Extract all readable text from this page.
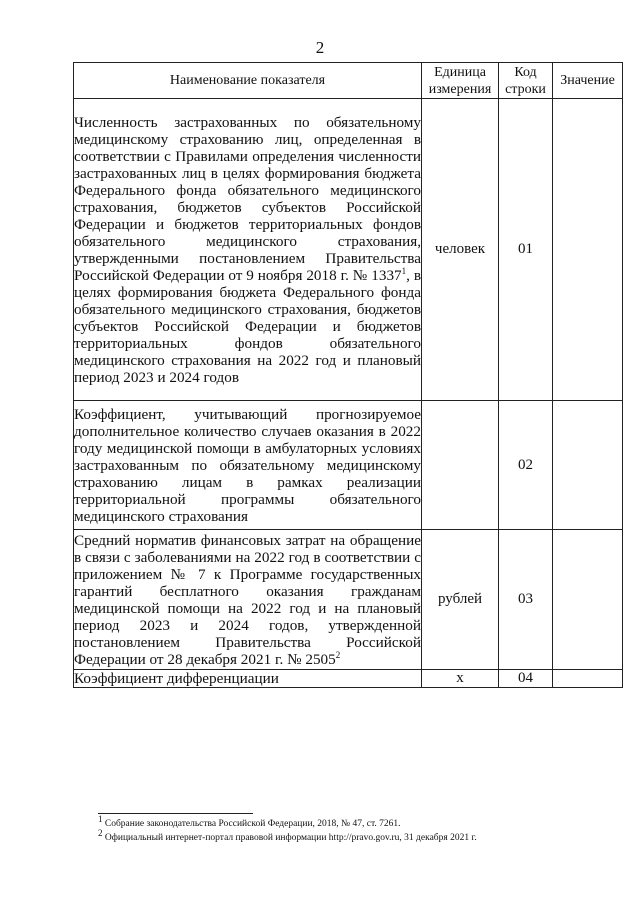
2
Наименование показателя	Единица измерения	Код строки	Значение
Численность застрахованных по обязательному медицинскому страхованию лиц, определенная в соответствии с Правилами определения численности застрахованных лиц в целях формирования бюджета Федерального фонда обязательного медицинского страхования, бюджетов субъектов Российской Федерации и бюджетов территориальных фондов обязательного медицинского страхования, утвержденными постановлением Правительства Российской Федерации от 9 ноября 2018 г. № 1337$^1$, в целях формирования бюджета Федерального фонда обязательного медицинского страхования, бюджетов субъектов Российской Федерации и бюджетов территориальных фондов обязательного медицинского страхования на 2022 год и плановый период 2023 и 2024 годов	человек	01	
Коэффициент, учитывающий прогнозируемое дополнительное количество случаев оказания в 2022 году медицинской помощи в амбулаторных условиях застрахованным по обязательному медицинскому страхованию лицам в рамках реализации территориальной программы обязательного медицинского страхования		02	
Средний норматив финансовых затрат на обращение в связи с заболеваниями на 2022 год в соответствии с приложением № 7 к Программе государственных гарантий бесплатного оказания гражданам медицинской помощи на 2022 год и на плановый период 2023 и 2024 годов, утвержденной постановлением Правительства Российской Федерации от 28 декабря 2021 г. № 2505$^2$	рублей	03	
Коэффициент дифференциации	х	04	
$^1$ Собрание законодательства Российской Федерации, 2018, № 47, ст. 7261.
$^2$ Официальный интернет-портал правовой информации http://pravo.gov.ru, 31 декабря 2021 г.
